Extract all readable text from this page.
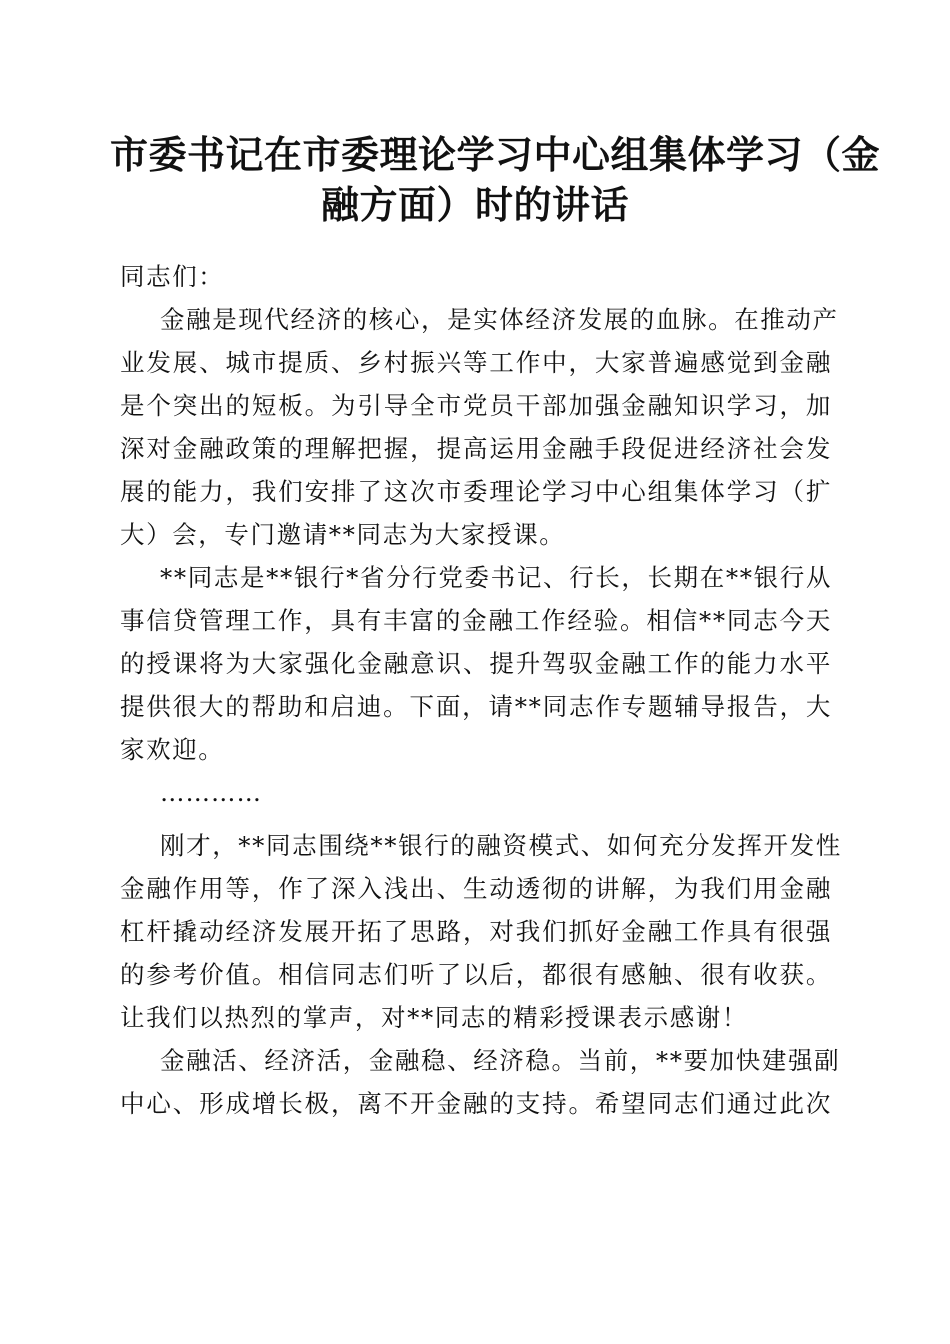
市委书记在市委理论学习中心组集体学习（金
融方面）时的讲话
同志们：
金融是现代经济的核心，是实体经济发展的血脉。在推动产
业发展、城市提质、乡村振兴等工作中，大家普遍感觉到金融
是个突出的短板。为引导全市党员干部加强金融知识学习，加
深对金融政策的理解把握，提高运用金融手段促进经济社会发
展的能力，我们安排了这次市委理论学习中心组集体学习（扩
大）会，专门邀请**同志为大家授课。
**同志是**银行*省分行党委书记、行长，长期在**银行从
事信贷管理工作，具有丰富的金融工作经验。相信**同志今天
的授课将为大家强化金融意识、提升驾驭金融工作的能力水平
提供很大的帮助和启迪。下面，请**同志作专题辅导报告，大
家欢迎。
…………
刚才，**同志围绕**银行的融资模式、如何充分发挥开发性
金融作用等，作了深入浅出、生动透彻的讲解，为我们用金融
杠杆撬动经济发展开拓了思路，对我们抓好金融工作具有很强
的参考价值。相信同志们听了以后，都很有感触、很有收获。
让我们以热烈的掌声，对**同志的精彩授课表示感谢！
金融活、经济活，金融稳、经济稳。当前，**要加快建强副
中心、形成增长极，离不开金融的支持。希望同志们通过此次
